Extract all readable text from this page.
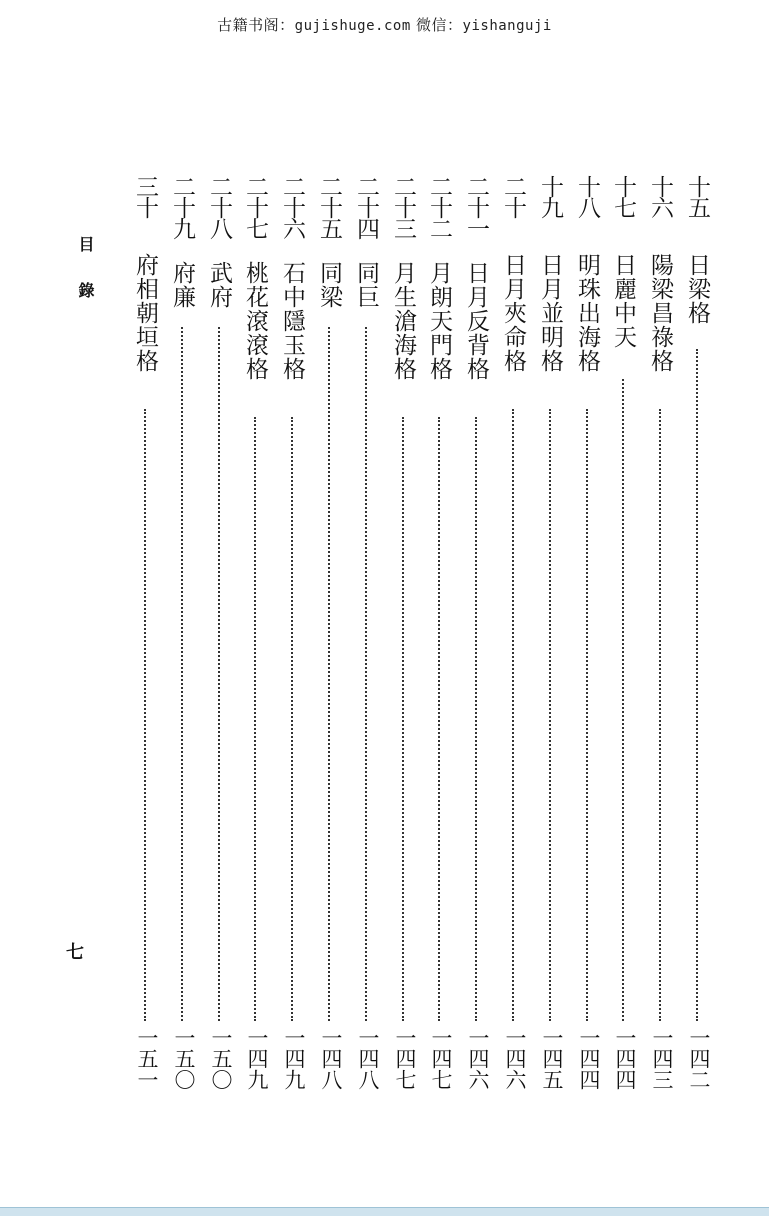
古籍书阁：gujishuge.com 微信：yishanguji
目錄
七
十五
日梁格
一四二
十六
陽梁昌祿格
一四三
十七
日麗中天
一四四
十八
明珠出海格
一四四
十九
日月並明格
一四五
二十
日月夾命格
一四六
二十一
日月反背格
一四六
二十二
月朗天門格
一四七
二十三
月生滄海格
一四七
二十四
同巨
一四八
二十五
同梁
一四八
二十六
石中隱玉格
一四九
二十七
桃花滾滾格
一四九
二十八
武府
一五〇
二十九
府廉
一五〇
三十
府相朝垣格
一五一
